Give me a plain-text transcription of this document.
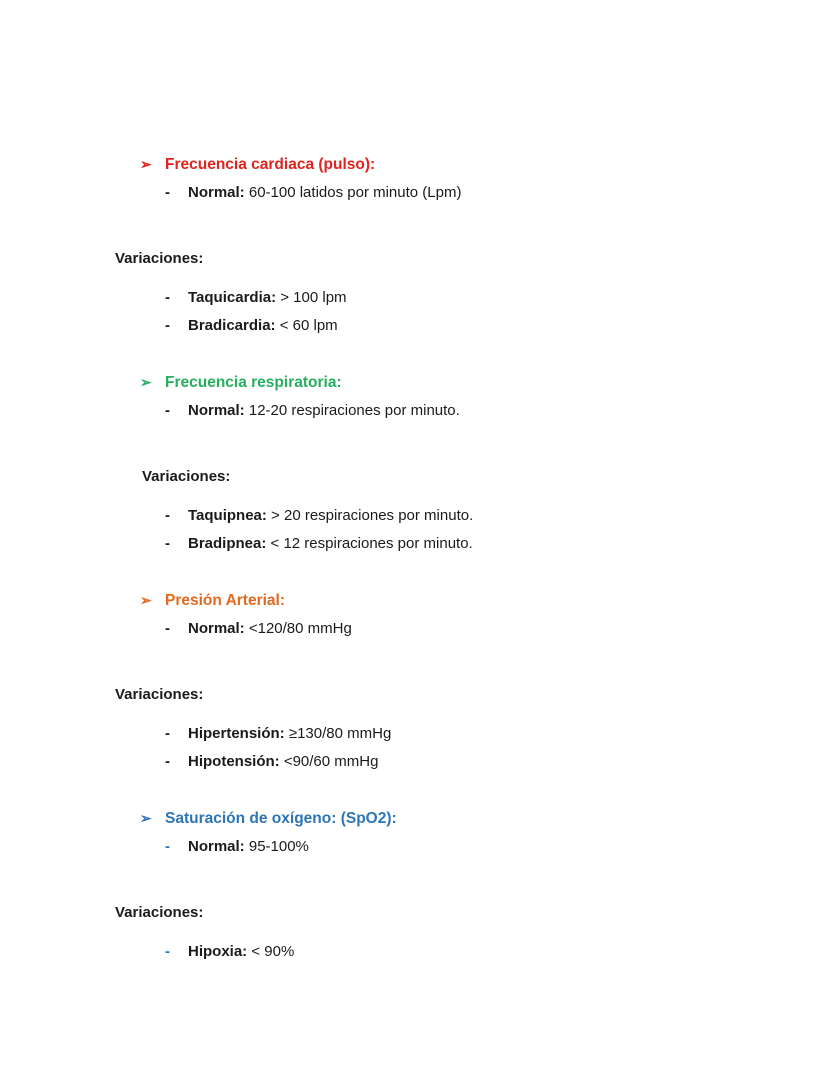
➢ Frecuencia cardiaca (pulso):
-	Normal: 60-100 latidos por minuto (Lpm)
Variaciones:
-	Taquicardia: > 100 lpm
-	Bradicardia: < 60 lpm
➢ Frecuencia respiratoria:
-	Normal: 12-20 respiraciones por minuto.
Variaciones:
-	Taquipnea: > 20 respiraciones por minuto.
-	Bradipnea: < 12 respiraciones por minuto.
➢ Presión Arterial:
-	Normal: <120/80 mmHg
Variaciones:
-	Hipertensión: ≥130/80 mmHg
-	Hipotensión: <90/60 mmHg
➢ Saturación de oxígeno: (SpO2):
-	Normal: 95-100%
Variaciones:
-	Hipoxia: < 90%
